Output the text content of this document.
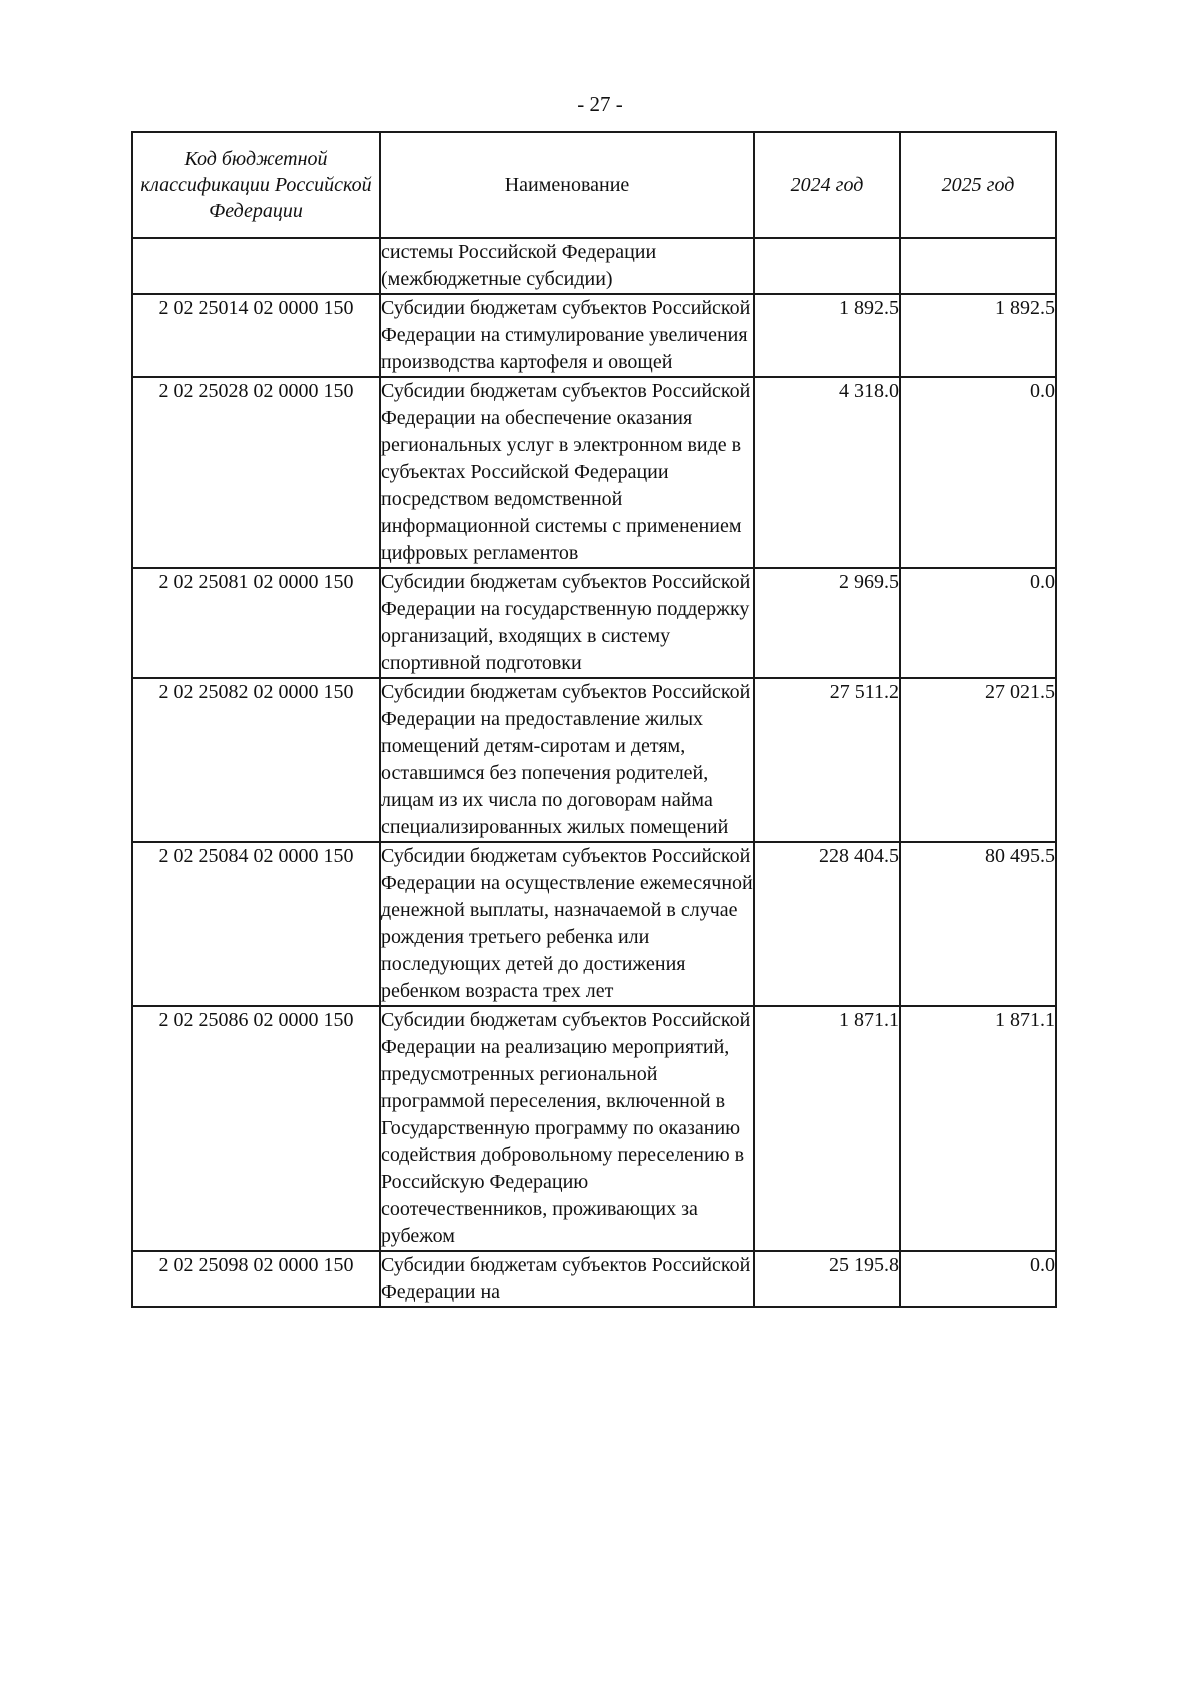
- 27 -
Код бюджетной классификации Российской Федерации	Наименование	2024 год	2025 год
	системы Российской Федерации (межбюджетные субсидии)		
2 02 25014 02 0000 150	Субсидии бюджетам субъектов Российской Федерации на стимулирование увеличения производства картофеля и овощей	1 892.5	1 892.5
2 02 25028 02 0000 150	Субсидии бюджетам субъектов Российской Федерации на обеспечение оказания региональных услуг в электронном виде в субъектах Российской Федерации посредством ведомственной информационной системы с применением цифровых регламентов	4 318.0	0.0
2 02 25081 02 0000 150	Субсидии бюджетам субъектов Российской Федерации на государственную поддержку организаций, входящих в систему спортивной подготовки	2 969.5	0.0
2 02 25082 02 0000 150	Субсидии бюджетам субъектов Российской Федерации на предоставление жилых помещений детям-сиротам и детям, оставшимся без попечения родителей, лицам из их числа по договорам найма специализированных жилых помещений	27 511.2	27 021.5
2 02 25084 02 0000 150	Субсидии бюджетам субъектов Российской Федерации на осуществление ежемесячной денежной выплаты, назначаемой в случае рождения третьего ребенка или последующих детей до достижения ребенком возраста трех лет	228 404.5	80 495.5
2 02 25086 02 0000 150	Субсидии бюджетам субъектов Российской Федерации на реализацию мероприятий, предусмотренных региональной программой переселения, включенной в Государственную программу по оказанию содействия добровольному переселению в Российскую Федерацию соотечественников, проживающих за рубежом	1 871.1	1 871.1
2 02 25098 02 0000 150	Субсидии бюджетам субъектов Российской Федерации на	25 195.8	0.0
